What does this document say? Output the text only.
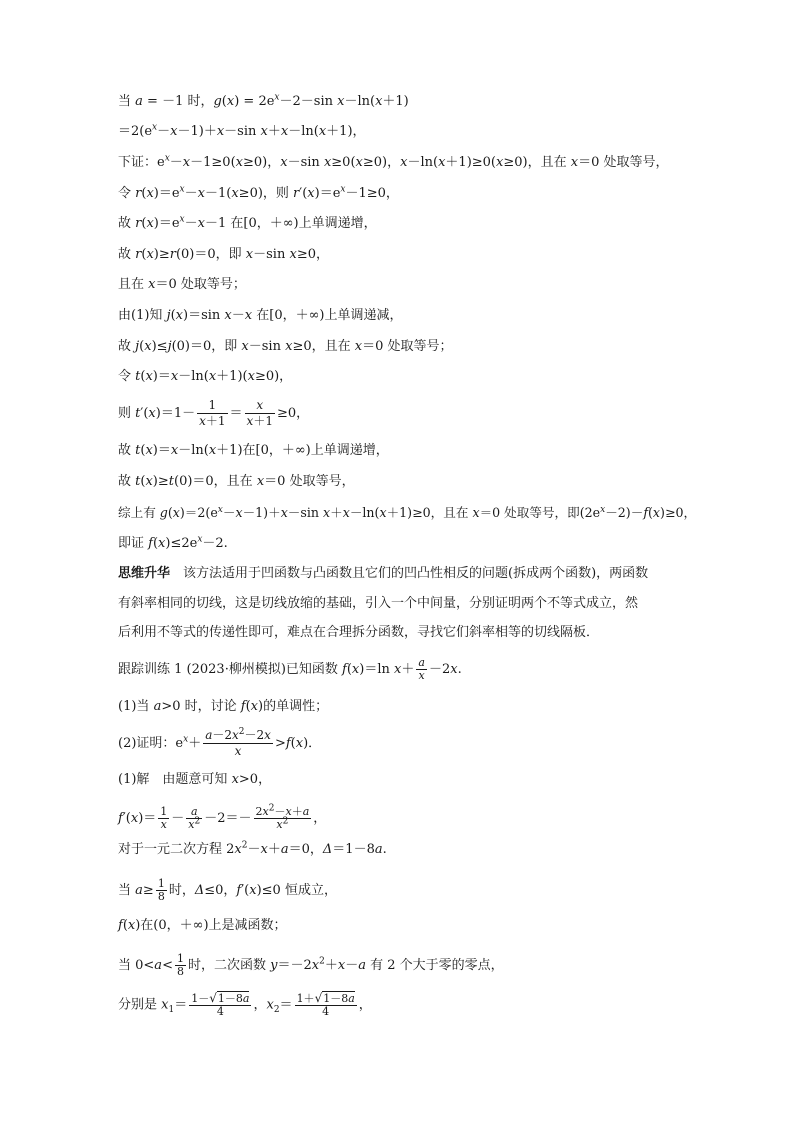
当 a = －1 时，$g(x) = 2e^x-2-\sin$ x－ln(x＋1)
$=2(e^x-x-1)+x-\sin$ x＋x－ln(x＋1)，
下证：$e^x-x-1\ge 0(x\ge 0)$，x－sin x≥0(x≥0)，x－ln(x＋1)≥0(x≥0)，且在 x＝0 处取等号，
令 $r(x)=e^x-x-1(x\ge 0)$，则 $r'(x)=e^x-1\ge 0$，
故 $r(x)=e^x-x-1$ 在[0，＋∞)上单调递增，
故 r(x)≥r(0)＝0，即 x－sin x≥0，
且在 x＝0 处取等号；
由(1)知 j(x)＝sin x－x 在[0，＋∞)上单调递减，
故 j(x)≤j(0)＝0，即 x－sin x≥0，且在 x＝0 处取等号；
令 t(x)＝x－ln(x＋1)(x≥0)，
则 $t'(x)=1- \frac{1}{x+1} = \frac{x}{x+1} \ge 0$，
故 t(x)＝x－ln(x＋1)在[0，＋∞)上单调递增，
故 t(x)≥t(0)＝0，且在 x＝0 处取等号，
综上有 $g(x)=2(e^x-x-1)+x-\sin$ x＋x－ln(x＋1)≥0，且在 x＝0 处取等号，即$(2e^x-2)-f(x)\ge 0$，
即证 $f(x)\le 2e^x-2$.
思维升华　该方法适用于凹函数与凸函数且它们的凹凸性相反的问题(拆成两个函数)，两函数
有斜率相同的切线，这是切线放缩的基础，引入一个中间量，分别证明两个不等式成立，然
后利用不等式的传递性即可，难点在合理拆分函数，寻找它们斜率相等的切线隔板．
跟踪训练 1 (2023·柳州模拟)已知函数 f(x)＝ln $x+ \frac{a}{x} -2x$.
(1)当 a>0 时，讨论 f(x)的单调性；
(2)证明：$e^x+ \frac{a-2x^2-2x}{x} >f(x)$．
(1)解　由题意可知 x>0，
$f'(x)= \frac{1}{x} - \frac{a}{x^2} -2=- \frac{2x^2-x+a}{x^2}$ ，
对于一元二次方程 $2x^2-x+a=0$，Δ＝1－8a.
当 $a\ge \frac{1}{8}$ 时，Δ≤0，f′(x)≤0 恒成立，
f(x)在(0，＋∞)上是减函数；
当 $0<a< \frac{1}{8}$ 时，二次函数 $y=-2x^2+x-a$ 有 2 个大于零的零点，
分别是 $x_1= \frac{1-√1-8a}{4}$ ，$x_2= \frac{1+√1-8a}{4}$ ，
